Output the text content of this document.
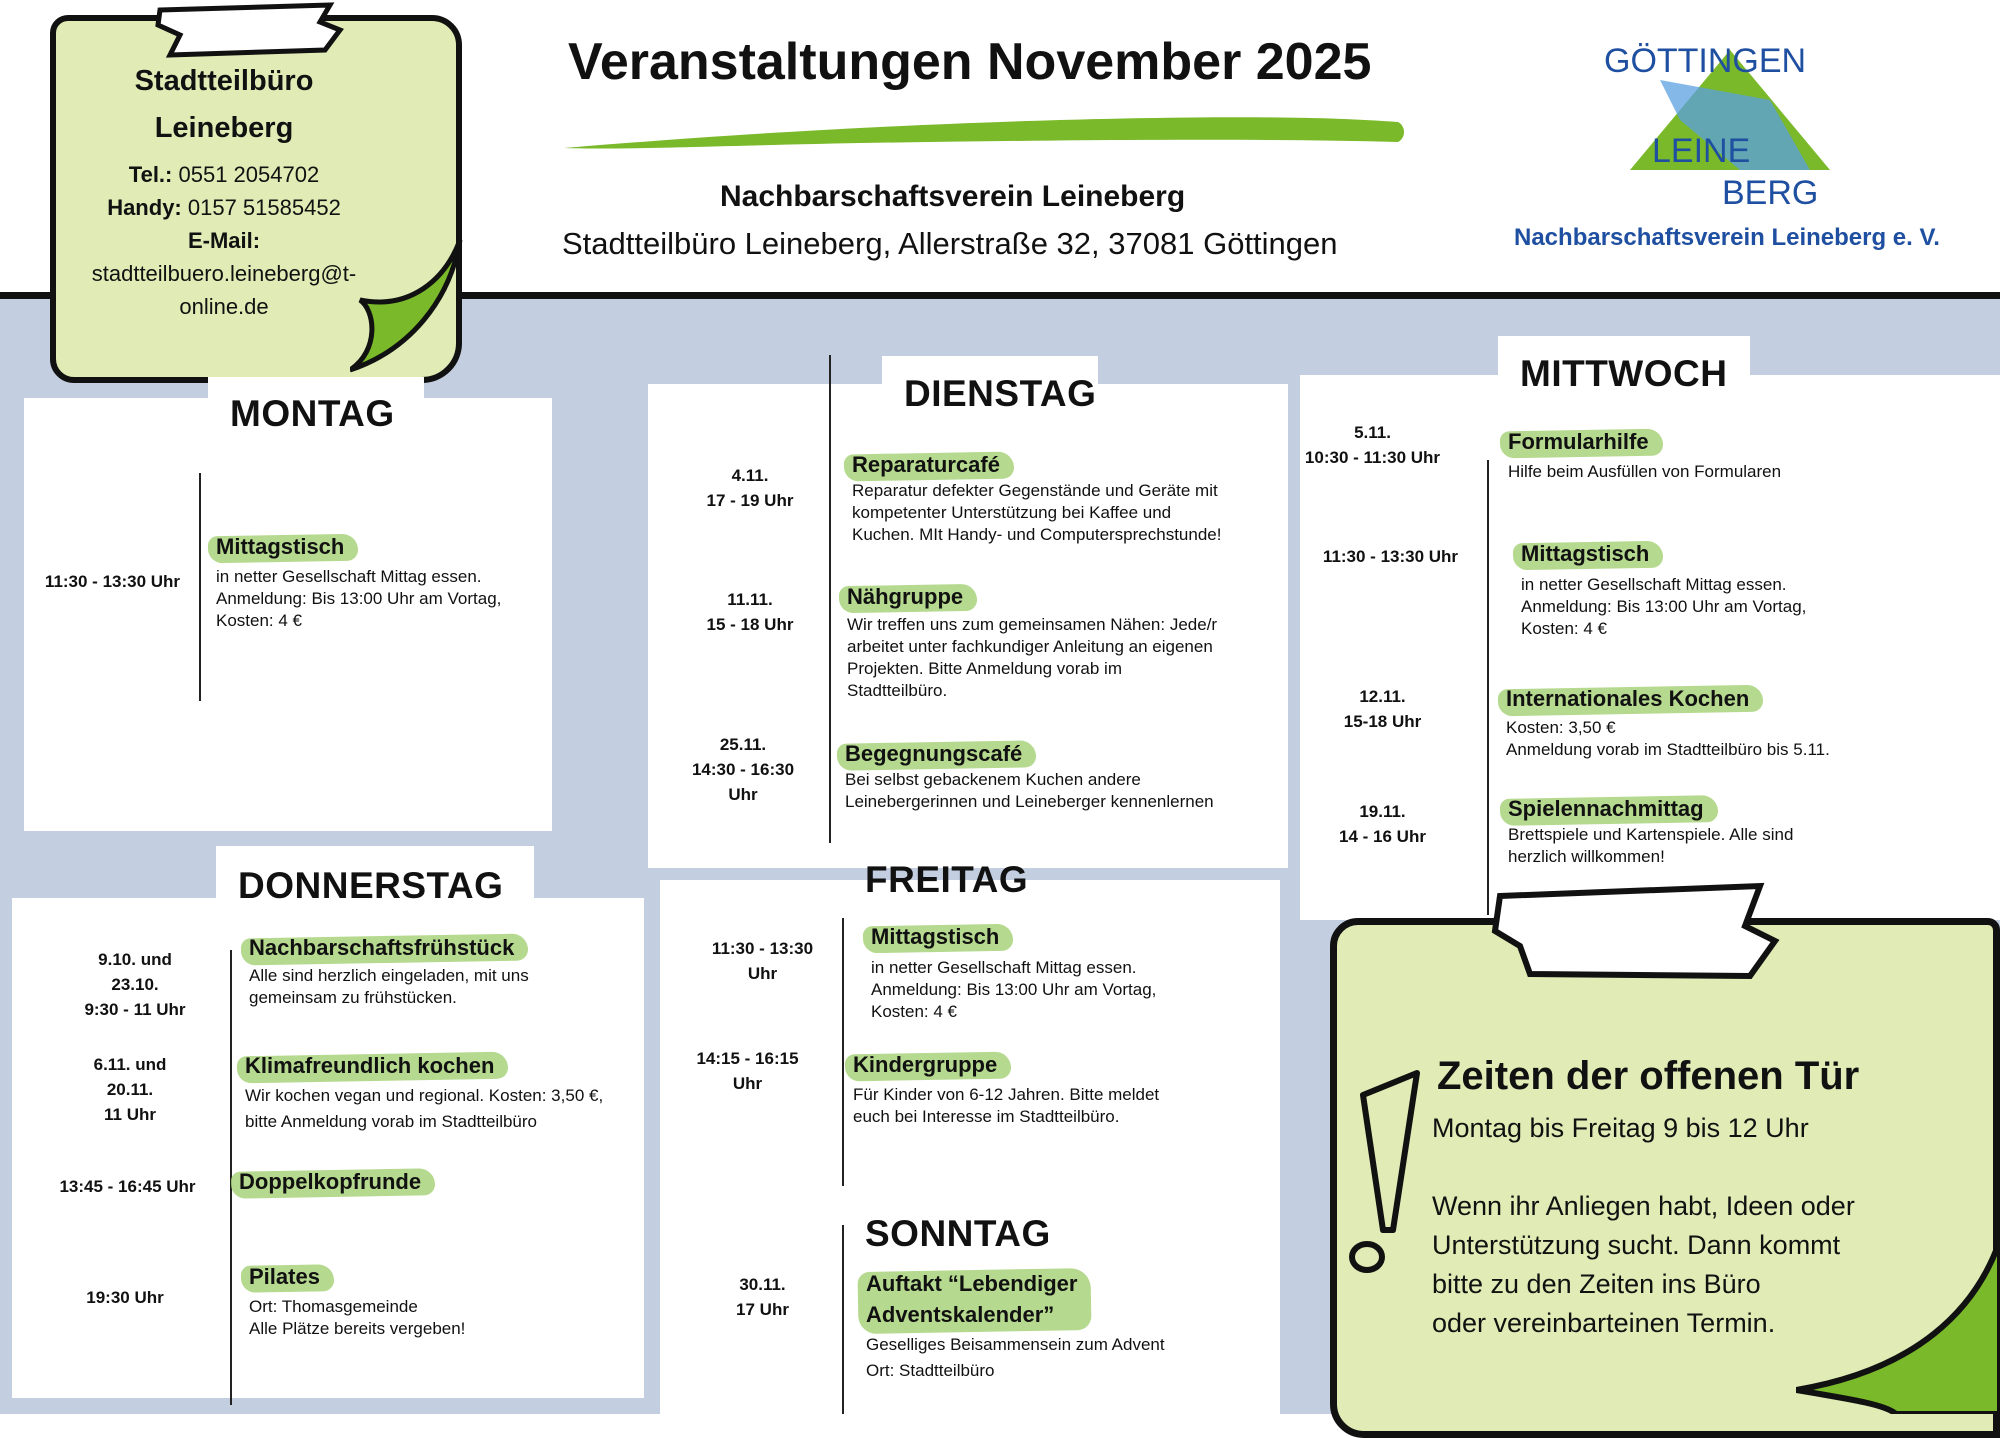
Veranstaltungen November 2025
Nachbarschaftsverein Leineberg
Stadtteilbüro Leineberg, Allerstraße 32, 37081 Göttingen
GÖTTINGEN
LEINE
BERG
Nachbarschaftsverein Leineberg e. V.
Stadtteilbüro
Leineberg
Tel.: 0551 2054702
Handy: 0157 51585452
E-Mail:
stadtteilbuero.leineberg@t-
online.de
MONTAG
11:30 - 13:30 Uhr
Mittagstisch
in netter Gesellschaft Mittag essen.
Anmeldung: Bis 13:00 Uhr am Vortag,
Kosten: 4 €
DIENSTAG
4.11.
17 - 19 Uhr
Reparaturcafé
Reparatur defekter Gegenstände und Geräte mit
kompetenter Unterstützung bei Kaffee und
Kuchen. MIt Handy- und Computersprechstunde!
11.11.
15 - 18 Uhr
Nähgruppe
Wir treffen uns zum gemeinsamen Nähen: Jede/r
arbeitet unter fachkundiger Anleitung an eigenen
Projekten. Bitte Anmeldung vorab im
Stadtteilbüro.
25.11.
14:30 - 16:30
Uhr
Begegnungscafé
Bei selbst gebackenem Kuchen andere
Leinebergerinnen und Leineberger kennenlernen
MITTWOCH
5.11.
10:30 - 11:30 Uhr
Formularhilfe
Hilfe beim Ausfüllen von Formularen
11:30 - 13:30 Uhr	Mittagstisch
in netter Gesellschaft Mittag essen.
Anmeldung: Bis 13:00 Uhr am Vortag,
Kosten: 4 €
12.11.
15-18 Uhr
Internationales Kochen
Kosten: 3,50 €
Anmeldung vorab im Stadtteilbüro bis 5.11.
19.11.
14 - 16 Uhr
Spielennachmittag
Brettspiele und Kartenspiele. Alle sind
herzlich willkommen!
DONNERSTAG
9.10. und
23.10.
9:30 - 11 Uhr
Nachbarschaftsfrühstück
Alle sind herzlich eingeladen, mit uns
gemeinsam zu frühstücken.
6.11. und
20.11.
11 Uhr
Klimafreundlich kochen
Wir kochen vegan und regional. Kosten: 3,50 €,
bitte Anmeldung vorab im Stadtteilbüro
13:45 - 16:45 Uhr	Doppelkopfrunde
19:30 Uhr
Pilates
Ort: Thomasgemeinde
Alle Plätze bereits vergeben!
FREITAG
11:30 - 13:30
Uhr
Mittagstisch
in netter Gesellschaft Mittag essen.
Anmeldung: Bis 13:00 Uhr am Vortag,
Kosten: 4 €
14:15 - 16:15
Uhr
Kindergruppe
Für Kinder von 6-12 Jahren. Bitte meldet
euch bei Interesse im Stadtteilbüro.
SONNTAG
30.11.
17 Uhr
Auftakt “Lebendiger
Adventskalender”
Geselliges Beisammensein zum Advent
Ort: Stadtteilbüro
Zeiten der offenen Tür
Montag bis Freitag 9 bis 12 Uhr
Wenn ihr Anliegen habt, Ideen oder
Unterstützung sucht. Dann kommt
bitte zu den Zeiten ins Büro
oder vereinbarteinen Termin.
